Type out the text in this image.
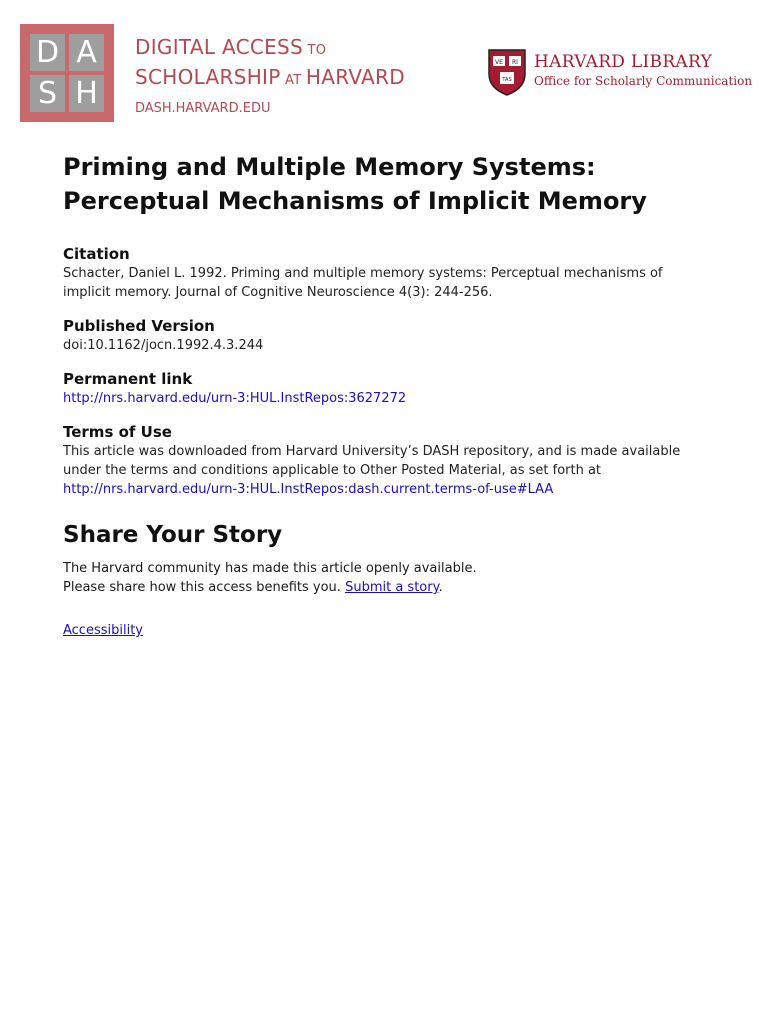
D A
S H
DIGITAL ACCESS TO
SCHOLARSHIP AT HARVARD
DASH.HARVARD.EDU
VE RI
TAS
HARVARD LIBRARY
Office for Scholarly Communication
Priming and Multiple Memory Systems: Perceptual Mechanisms of Implicit Memory

Citation

Schacter, Daniel L. 1992. Priming and multiple memory systems: Perceptual mechanisms of implicit memory. Journal of Cognitive Neuroscience 4(3): 244-256.

Published Version

doi:10.1162/jocn.1992.4.3.244

Permanent link

http://nrs.harvard.edu/urn-3:HUL.InstRepos:3627272

Terms of Use

This article was downloaded from Harvard University’s DASH repository, and is made available under the terms and conditions applicable to Other Posted Material, as set forth at http://nrs.harvard.edu/urn-3:HUL.InstRepos:dash.current.terms-of-use#LAA

Share Your Story

The Harvard community has made this article openly available.

Please share how this access benefits you. Submit a story.

Accessibility
